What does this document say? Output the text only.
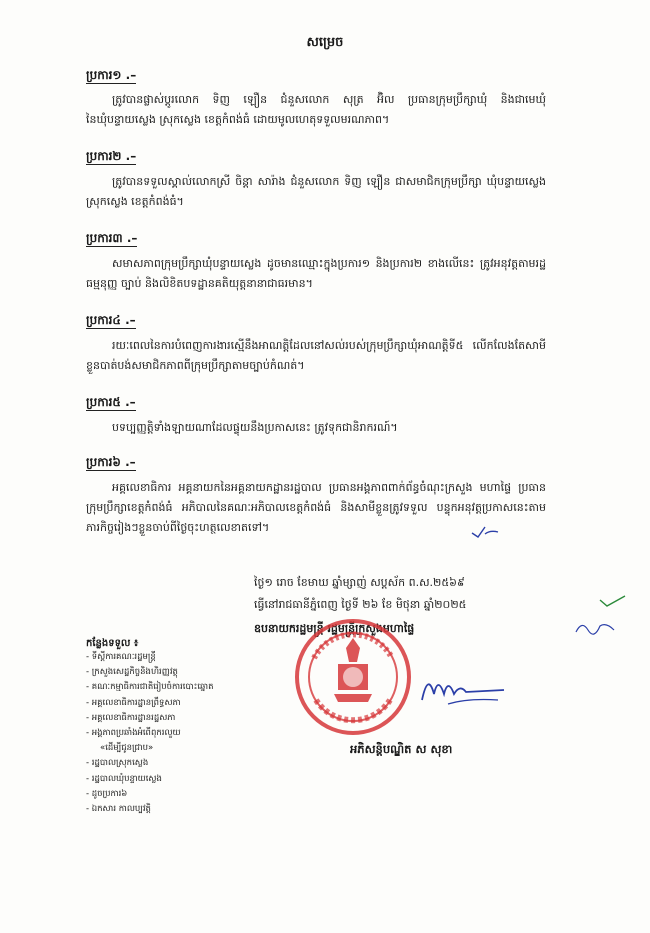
សម្រេច
ប្រការ១ .–
ត្រូវបានផ្លាស់ប្ដូរលោក ទិញ ឡឿន ជំនួសលោក សុត្រ អ៊ិល ប្រធានក្រុមប្រឹក្សាឃុំ និងជាមេឃុំ នៃឃុំបន្ទាយស្លេង ស្រុកស្លេង ខេត្តកំពង់ធំ ដោយមូលហេតុទទួលមរណភាព។
ប្រការ២ .–
ត្រូវបានទទួលស្គាល់លោកស្រី ចិន្តា សារ៉ាង ជំនួសលោក ទិញ ឡឿន ជាសមាជិកក្រុមប្រឹក្សា ឃុំបន្ទាយស្លេង ស្រុកស្លេង ខេត្តកំពង់ធំ។
ប្រការ៣ .–
សមាសភាពក្រុមប្រឹក្សាឃុំបន្ទាយស្លេង ដូចមានឈ្មោះក្នុងប្រការ១ និងប្រការ២ ខាងលើនេះ ត្រូវអនុវត្តតាមរដ្ឋធម្មនុញ្ញ ច្បាប់ និងលិខិតបទដ្ឋានគតិយុត្តនានាជាធរមាន។
ប្រការ៤ .–
រយៈពេលនៃការបំពេញការងារស្មើនឹងអាណត្តិដែលនៅសល់របស់ក្រុមប្រឹក្សាឃុំអាណត្តិទី៥ លើកលែងតែសាមីខ្លួនបាត់បង់សមាជិកភាពពីក្រុមប្រឹក្សាតាមច្បាប់កំណត់។
ប្រការ៥ .–
បទប្បញ្ញត្តិទាំងឡាយណាដែលផ្ទុយនឹងប្រកាសនេះ ត្រូវទុកជានិរាករណ៍។
ប្រការ៦ .–
អគ្គលេខាធិការ អគ្គនាយកនៃអគ្គនាយកដ្ឋានរដ្ឋបាល ប្រធានអង្គភាពពាក់ព័ន្ធចំណុះក្រសួង មហាផ្ទៃ ប្រធានក្រុមប្រឹក្សាខេត្តកំពង់ធំ អភិបាលនៃគណៈអភិបាលខេត្តកំពង់ធំ និងសាមីខ្លួនត្រូវទទួល បន្ទុកអនុវត្តប្រកាសនេះតាមភារកិច្ចរៀងៗខ្លួនចាប់ពីថ្ងៃចុះហត្ថលេខាតទៅ។
ថ្ងៃ១ រោច ខែមាឃ ឆ្នាំម្សាញ់ សប្តស័ក ព.ស.២៥៦៩
ធ្វើនៅរាជធានីភ្នំពេញ ថ្ងៃទី ២៦ ខែ មិថុនា ឆ្នាំ២០២៥
ឧបនាយករដ្ឋមន្ត្រី រដ្ឋមន្ត្រីក្រសួងមហាផ្ទៃ
អភិសន្តិបណ្ឌិត ស សុខា
កន្លែងទទួល ៖
- ទីស្តីការគណៈរដ្ឋមន្ត្រី
- ក្រសួងសេដ្ឋកិច្ចនិងហិរញ្ញវត្ថុ
- គណៈកម្មាធិការជាតិរៀបចំការបោះឆ្នោត
- អគ្គលេខាធិការដ្ឋានព្រឹទ្ធសភា
- អគ្គលេខាធិការដ្ឋានរដ្ឋសភា
- អង្គភាពប្រឆាំងអំពើពុករលួយ
«ដើម្បីជូនជ្រាប»
- រដ្ឋបាលស្រុកស្លេង
- រដ្ឋបាលឃុំបន្ទាយស្លេង
- ដូចប្រការ៦
- ឯកសារ កាលប្បវត្តិ
